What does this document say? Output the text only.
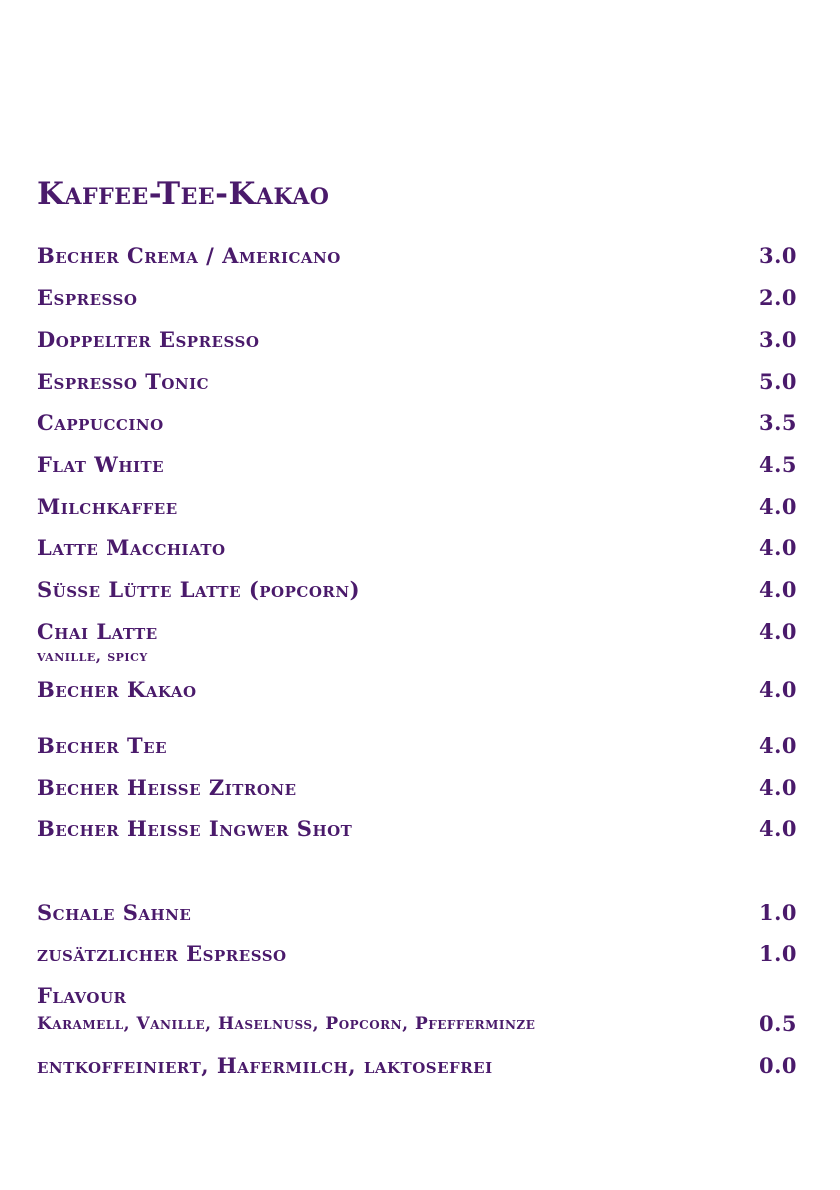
Kaffee-Tee-Kakao
Becher Crema / Americano	3.0
Espresso	2.0
Doppelter Espresso	3.0
Espresso Tonic	5.0
Cappuccino	3.5
Flat White	4.5
Milchkaffee	4.0
Latte Macchiato	4.0
Süsse Lütte Latte (popcorn)	4.0
Chai Latte	4.0
vanille, spicy
Becher Kakao	4.0
Becher Tee	4.0
Becher Heisse Zitrone	4.0
Becher Heisse Ingwer Shot	4.0
Schale Sahne	1.0
zusätzlicher Espresso	1.0
Flavour
Karamell, Vanille, Haselnuss, Popcorn, Pfefferminze	0.5
entkoffeiniert, Hafermilch, laktosefrei	0.0
